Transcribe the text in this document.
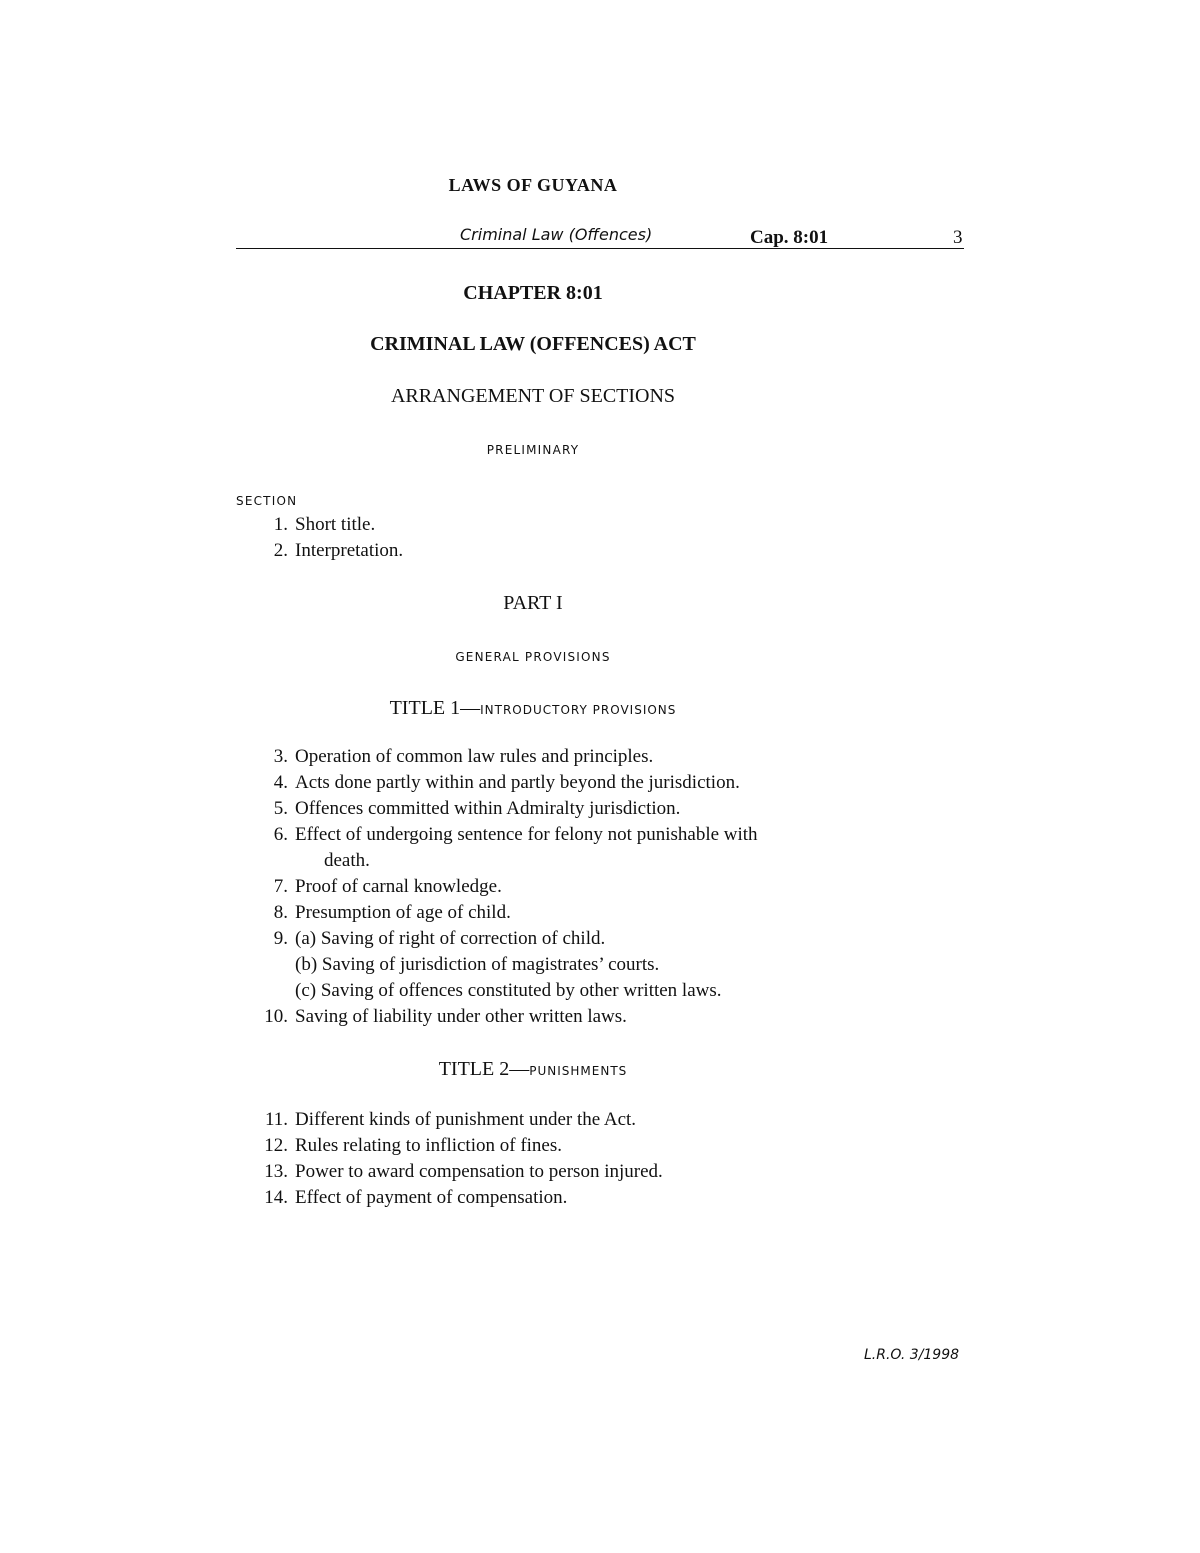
LAWS OF GUYANA
Criminal Law (Offences)	Cap. 8:01	3
CHAPTER 8:01
CRIMINAL LAW (OFFENCES) ACT
ARRANGEMENT OF SECTIONS
PRELIMINARY
SECTION
1. Short title.
2. Interpretation.
PART I
GENERAL PROVISIONS
TITLE 1—INTRODUCTORY PROVISIONS
3. Operation of common law rules and principles.
4. Acts done partly within and partly beyond the jurisdiction.
5. Offences committed within Admiralty jurisdiction.
6. Effect of undergoing sentence for felony not punishable with
death.
7. Proof of carnal knowledge.
8. Presumption of age of child.
9. (a) Saving of right of correction of child.
(b) Saving of jurisdiction of magistrates’ courts.
(c) Saving of offences constituted by other written laws.
10. Saving of liability under other written laws.
TITLE 2—PUNISHMENTS
11. Different kinds of punishment under the Act.
12. Rules relating to infliction of fines.
13. Power to award compensation to person injured.
14. Effect of payment of compensation.
L.R.O. 3/1998
